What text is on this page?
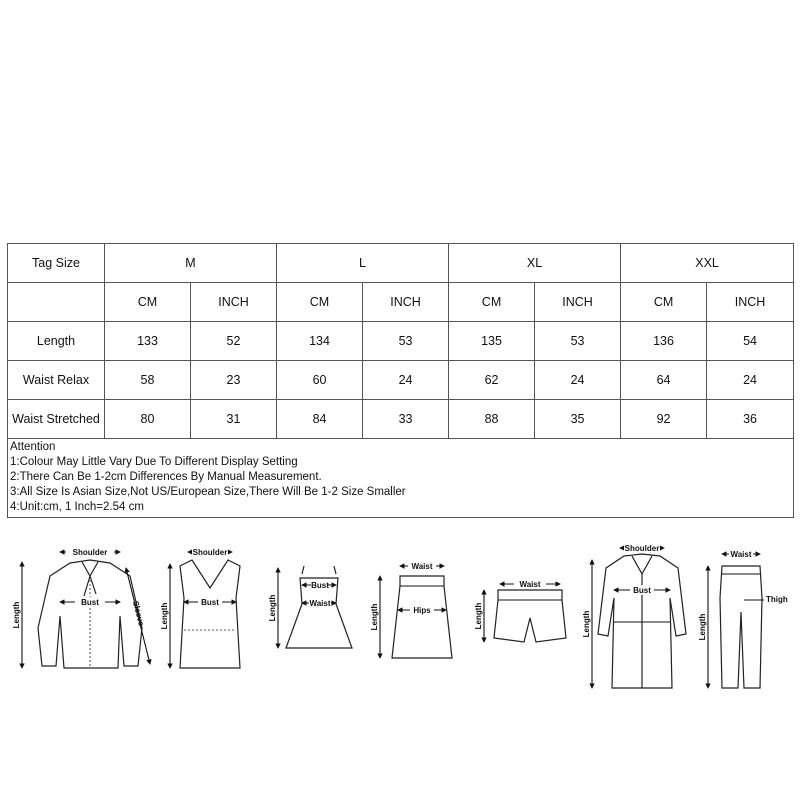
Tag Size	M		L		XL		XXL	
	CM	INCH	CM	INCH	CM	INCH	CM	INCH
Length	133	52	134	53	135	53	136	54
Waist Relax	58	23	60	24	62	24	64	24
Waist Stretched	80	31	84	33	88	35	92	36

Attention
1:Colour May Little Vary Due To Different Display Setting
2:There Can Be 1-2cm Differences By Manual Measurement.
3:All Size Is Asian Size,Not US/European Size,There Will Be 1-2 Size Smaller
4:Unit:cm, 1 Inch=2.54 cm								
Shoulder
Bust
Length	Sleeve
Shoulder
Bust
Length
Bust
Waist
Length
Waist
Hips
Length
Waist
Length
Shoulder
Bust
Length
Waist
Thigh
Length
